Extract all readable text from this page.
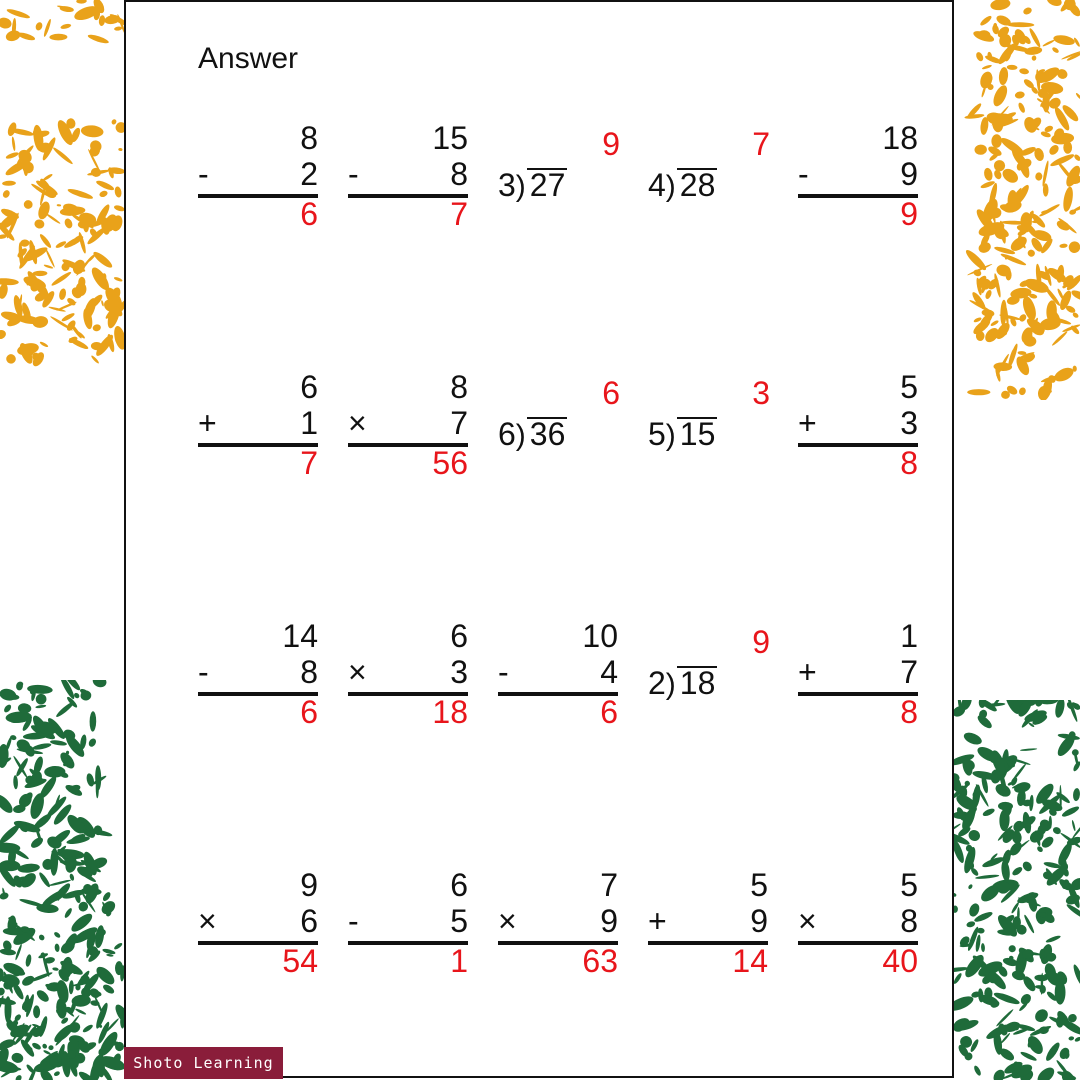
Answer
8
-	2
6
15
-	8
7
9
3) 27
7
4) 28
18
-	9
9
6
+	1
7
8
×	7
56
6
6) 36
3
5) 15
5
+	3
8
14
-	8
6
6
×	3
18
10
-	4
6
9
2) 18
1
+	7
8
9
×	6
54
6
-	5
1
7
×	9
63
5
+	9
14
5
×	8
40
Shoto Learning
